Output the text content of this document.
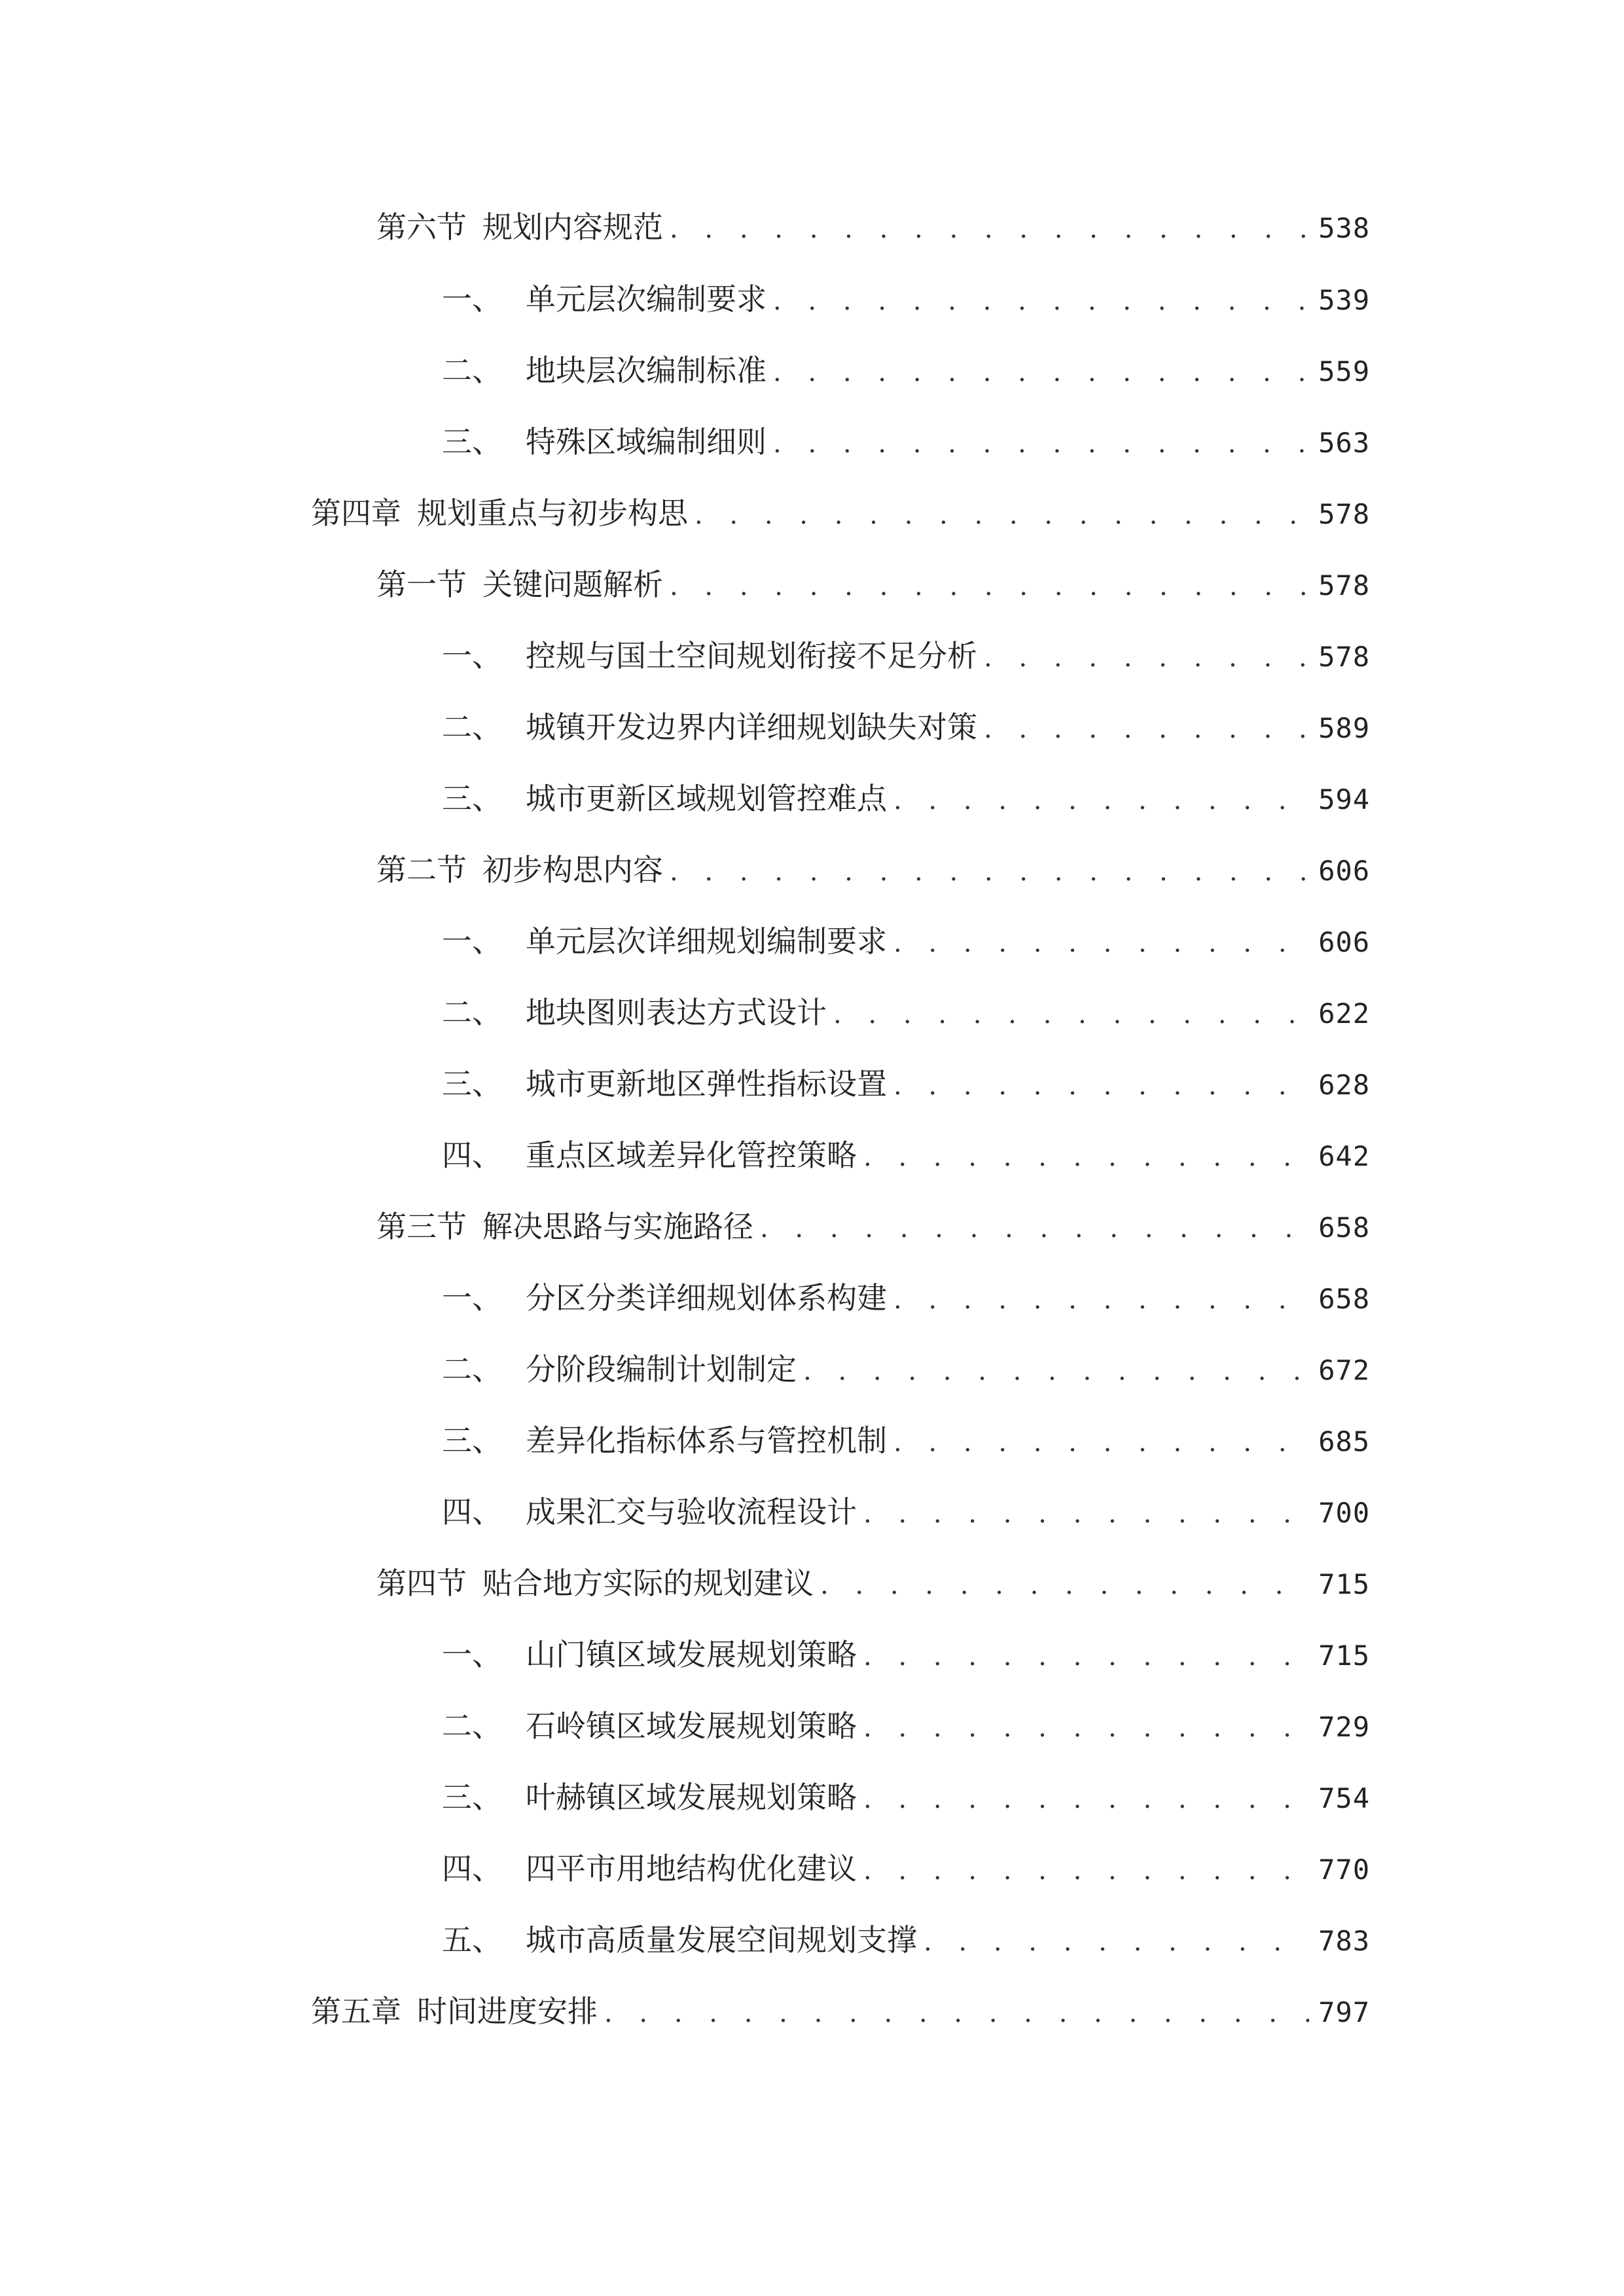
第六节 规划内容规范 . . .	538
一、 单元层次编制要求 . . .	539
二、 地块层次编制标准 . . .	559
三、 特殊区域编制细则 . . .	563
第四章 规划重点与初步构思 . . .	578
第一节 关键问题解析 . . .	578
一、 控规与国土空间规划衔接不足分析 . . .	578
二、 城镇开发边界内详细规划缺失对策 . . .	589
三、 城市更新区域规划管控难点 . . .	594
第二节 初步构思内容 . . .	606
一、 单元层次详细规划编制要求 . . .	606
二、 地块图则表达方式设计 . . .	622
三、 城市更新地区弹性指标设置 . . .	628
四、 重点区域差异化管控策略 . . .	642
第三节 解决思路与实施路径 . . .	658
一、 分区分类详细规划体系构建 . . .	658
二、 分阶段编制计划制定 . . .	672
三、 差异化指标体系与管控机制 . . .	685
四、 成果汇交与验收流程设计 . . .	700
第四节 贴合地方实际的规划建议 . . .	715
一、 山门镇区域发展规划策略 . . .	715
二、 石岭镇区域发展规划策略 . . .	729
三、 叶赫镇区域发展规划策略 . . .	754
四、 四平市用地结构优化建议 . . .	770
五、 城市高质量发展空间规划支撑 . . .	783
第五章 时间进度安排 . . .	797
